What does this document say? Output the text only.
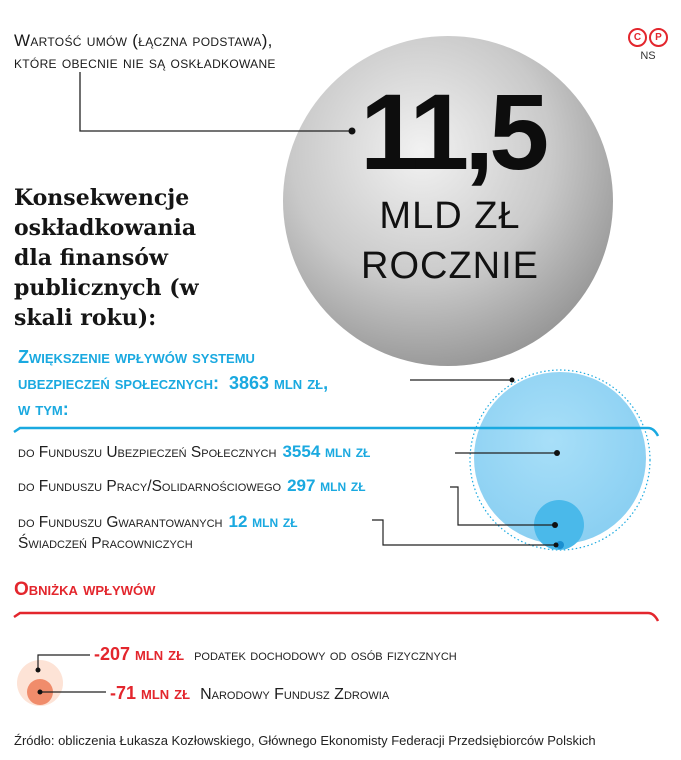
Wartość umów (łączna podstawa),
które obecnie nie są oskładkowane
C	P
NS
11,5
MLD ZŁ
ROCZNIE
Konsekwencje oskładkowania dla finansów publicznych (w skali roku):
Zwiększenie wpływów systemu
ubezpieczeń społecznych: 3863 mln zł,
w tym:
do Funduszu Ubezpieczeń Społecznych 3554 mln zł
do Funduszu Pracy/Solidarnościowego 297 mln zł
do Funduszu Gwarantowanych 12 mln zł
Świadczeń Pracowniczych
Obniżka wpływów
-207 mln zł podatek dochodowy od osób fizycznych
-71 mln zł Narodowy Fundusz Zdrowia
Źródło: obliczenia Łukasza Kozłowskiego, Głównego Ekonomisty Federacji Przedsiębiorców Polskich
